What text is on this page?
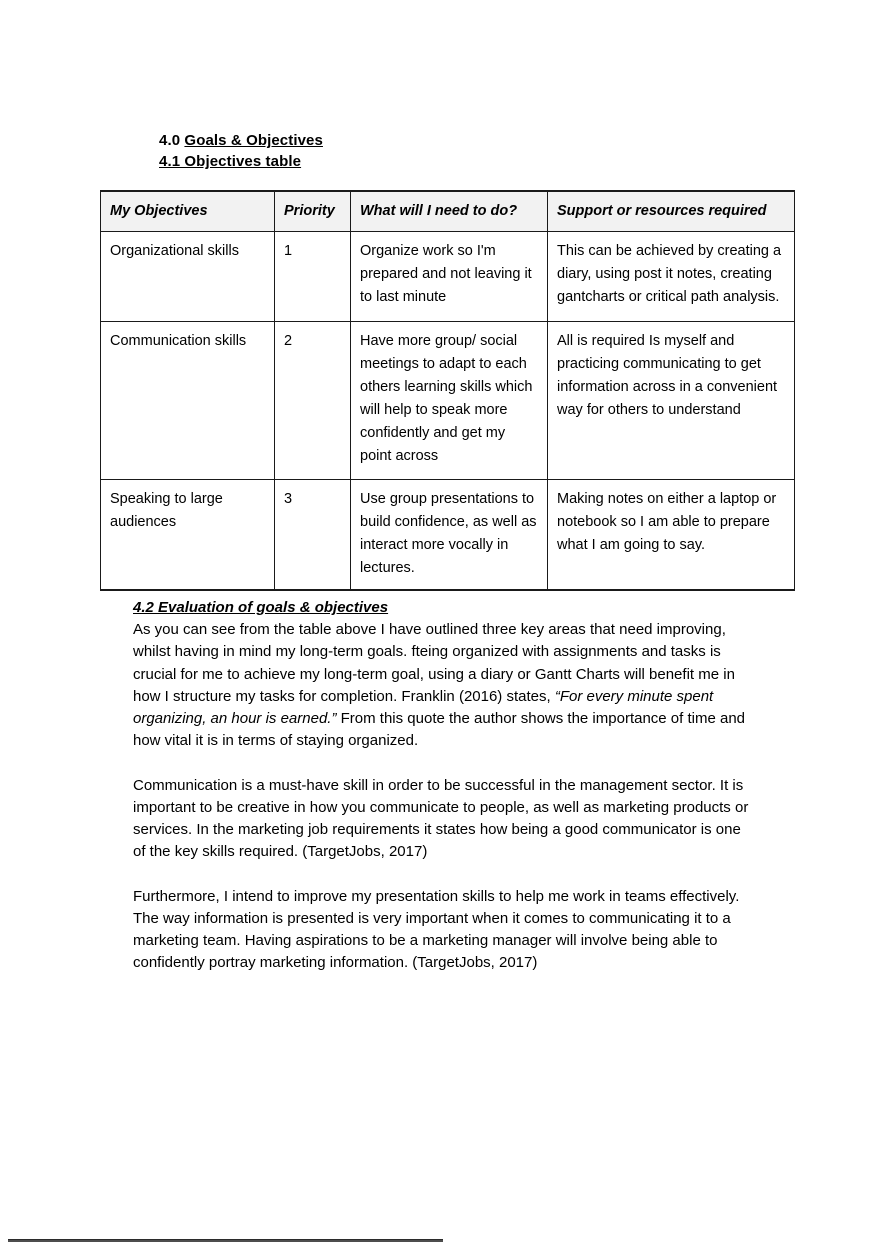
4.0 Goals & Objectives
4.1 Objectives table
My Objectives	Priority	What will I need to do?	Support or resources required

Organizational skills	1	Organize work so I'm prepared and not leaving it to last minute	This can be achieved by creating a diary, using post it notes, creating gantcharts or critical path analysis.

Communication skills	2	Have more group/ social meetings to adapt to each others learning skills which will help to speak more confidently and get my point across	All is required Is myself and practicing communicating to get information across in a convenient way for others to understand

Speaking to large audiences	3	Use group presentations to build confidence, as well as interact more vocally in lectures.	Making notes on either a laptop or notebook so I am able to prepare what I am going to say.
4.2 Evaluation of goals & objectives

As you can see from the table above I have outlined three key areas that need improving, whilst having in mind my long-term goals. fteing organized with assignments and tasks is crucial for me to achieve my long-term goal, using a diary or Gantt Charts will benefit me in how I structure my tasks for completion. Franklin (2016) states, “For every minute spent organizing, an hour is earned.” From this quote the author shows the importance of time and how vital it is in terms of staying organized.

Communication is a must-have skill in order to be successful in the management sector. It is important to be creative in how you communicate to people, as well as marketing products or services. In the marketing job requirements it states how being a good communicator is one of the key skills required. (TargetJobs, 2017)

Furthermore, I intend to improve my presentation skills to help me work in teams effectively. The way information is presented is very important when it comes to communicating it to a marketing team. Having aspirations to be a marketing manager will involve being able to confidently portray marketing information. (TargetJobs, 2017)
